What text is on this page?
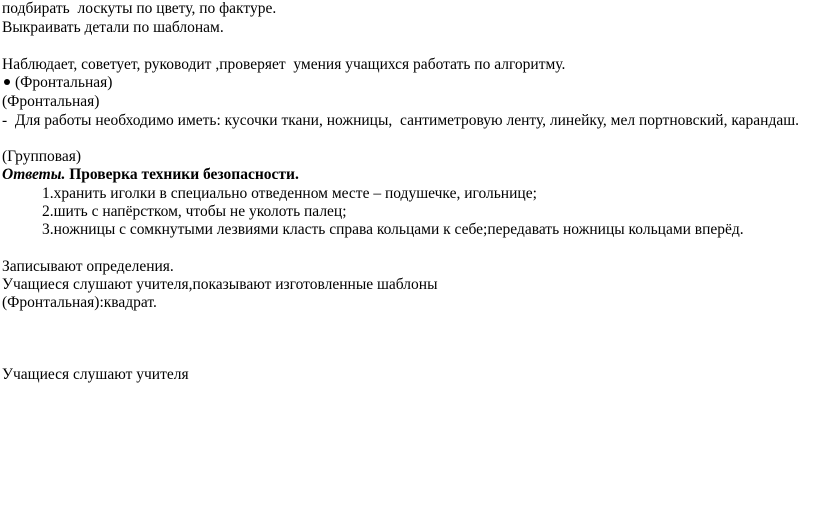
подбирать  лоскуты по цвету, по фактуре.
Выкраивать детали по шаблонам.
Наблюдает, советует, руководит ,проверяет  умения учащихся работать по алгоритму.
(Фронтальная)
(Фронтальная)
-  Для работы необходимо иметь: кусочки ткани, ножницы,  сантиметровую ленту, линейку, мел портновский, карандаш.
(Групповая)
Ответы. Проверка техники безопасности.
1.хранить иголки в специально отведенном месте – подушечке, игольнице;
2.шить с напёрстком, чтобы не уколоть палец;
3.ножницы с сомкнутыми лезвиями класть справа кольцами к себе;передавать ножницы кольцами вперёд.
Записывают определения.
Учащиеся слушают учителя,показывают изготовленные шаблоны
(Фронтальная):квадрат.
Учащиеся слушают учителя
